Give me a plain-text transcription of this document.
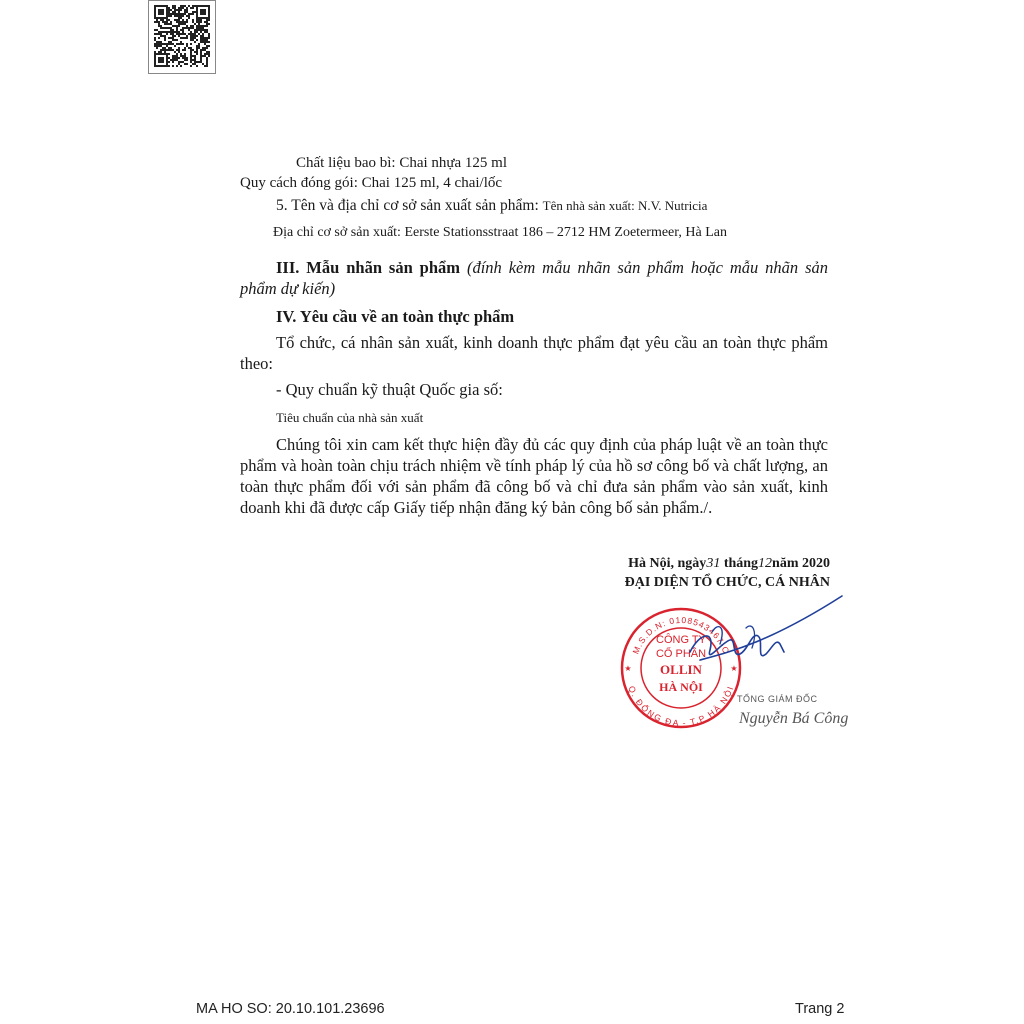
Chất liệu bao bì: Chai nhựa 125 ml
Quy cách đóng gói: Chai 125 ml, 4 chai/lốc
5. Tên và địa chỉ cơ sở sản xuất sản phẩm: Tên nhà sản xuất: N.V. Nutricia
Địa chỉ cơ sở sản xuất: Eerste Stationsstraat 186 – 2712 HM Zoetermeer, Hà Lan
III. Mẫu nhãn sản phẩm (đính kèm mẫu nhãn sản phẩm hoặc mẫu nhãn sản phẩm dự kiến)
IV. Yêu cầu về an toàn thực phẩm
Tổ chức, cá nhân sản xuất, kinh doanh thực phẩm đạt yêu cầu an toàn thực phẩm theo:
- Quy chuẩn kỹ thuật Quốc gia số:
Tiêu chuẩn của nhà sản xuất
Chúng tôi xin cam kết thực hiện đầy đủ các quy định của pháp luật về an toàn thực phẩm và hoàn toàn chịu trách nhiệm về tính pháp lý của hồ sơ công bố và chất lượng, an toàn thực phẩm đối với sản phẩm đã công bố và chỉ đưa sản phẩm vào sản xuất, kinh doanh khi đã được cấp Giấy tiếp nhận đăng ký bản công bố sản phẩm./.
Hà Nội, ngày31 tháng12năm 2020
ĐẠI DIỆN TỔ CHỨC, CÁ NHÂN
M.S.D.N: 0108543467-C
Q. ĐỐNG ĐA - T.P HÀ NỘI
CÔNG TY
CỔ PHẦN
OLLIN
HÀ NỘI
★	★
TỔNG GIÁM ĐỐC
Nguyễn Bá Công
MA HO SO: 20.10.101.23696	Trang 2
